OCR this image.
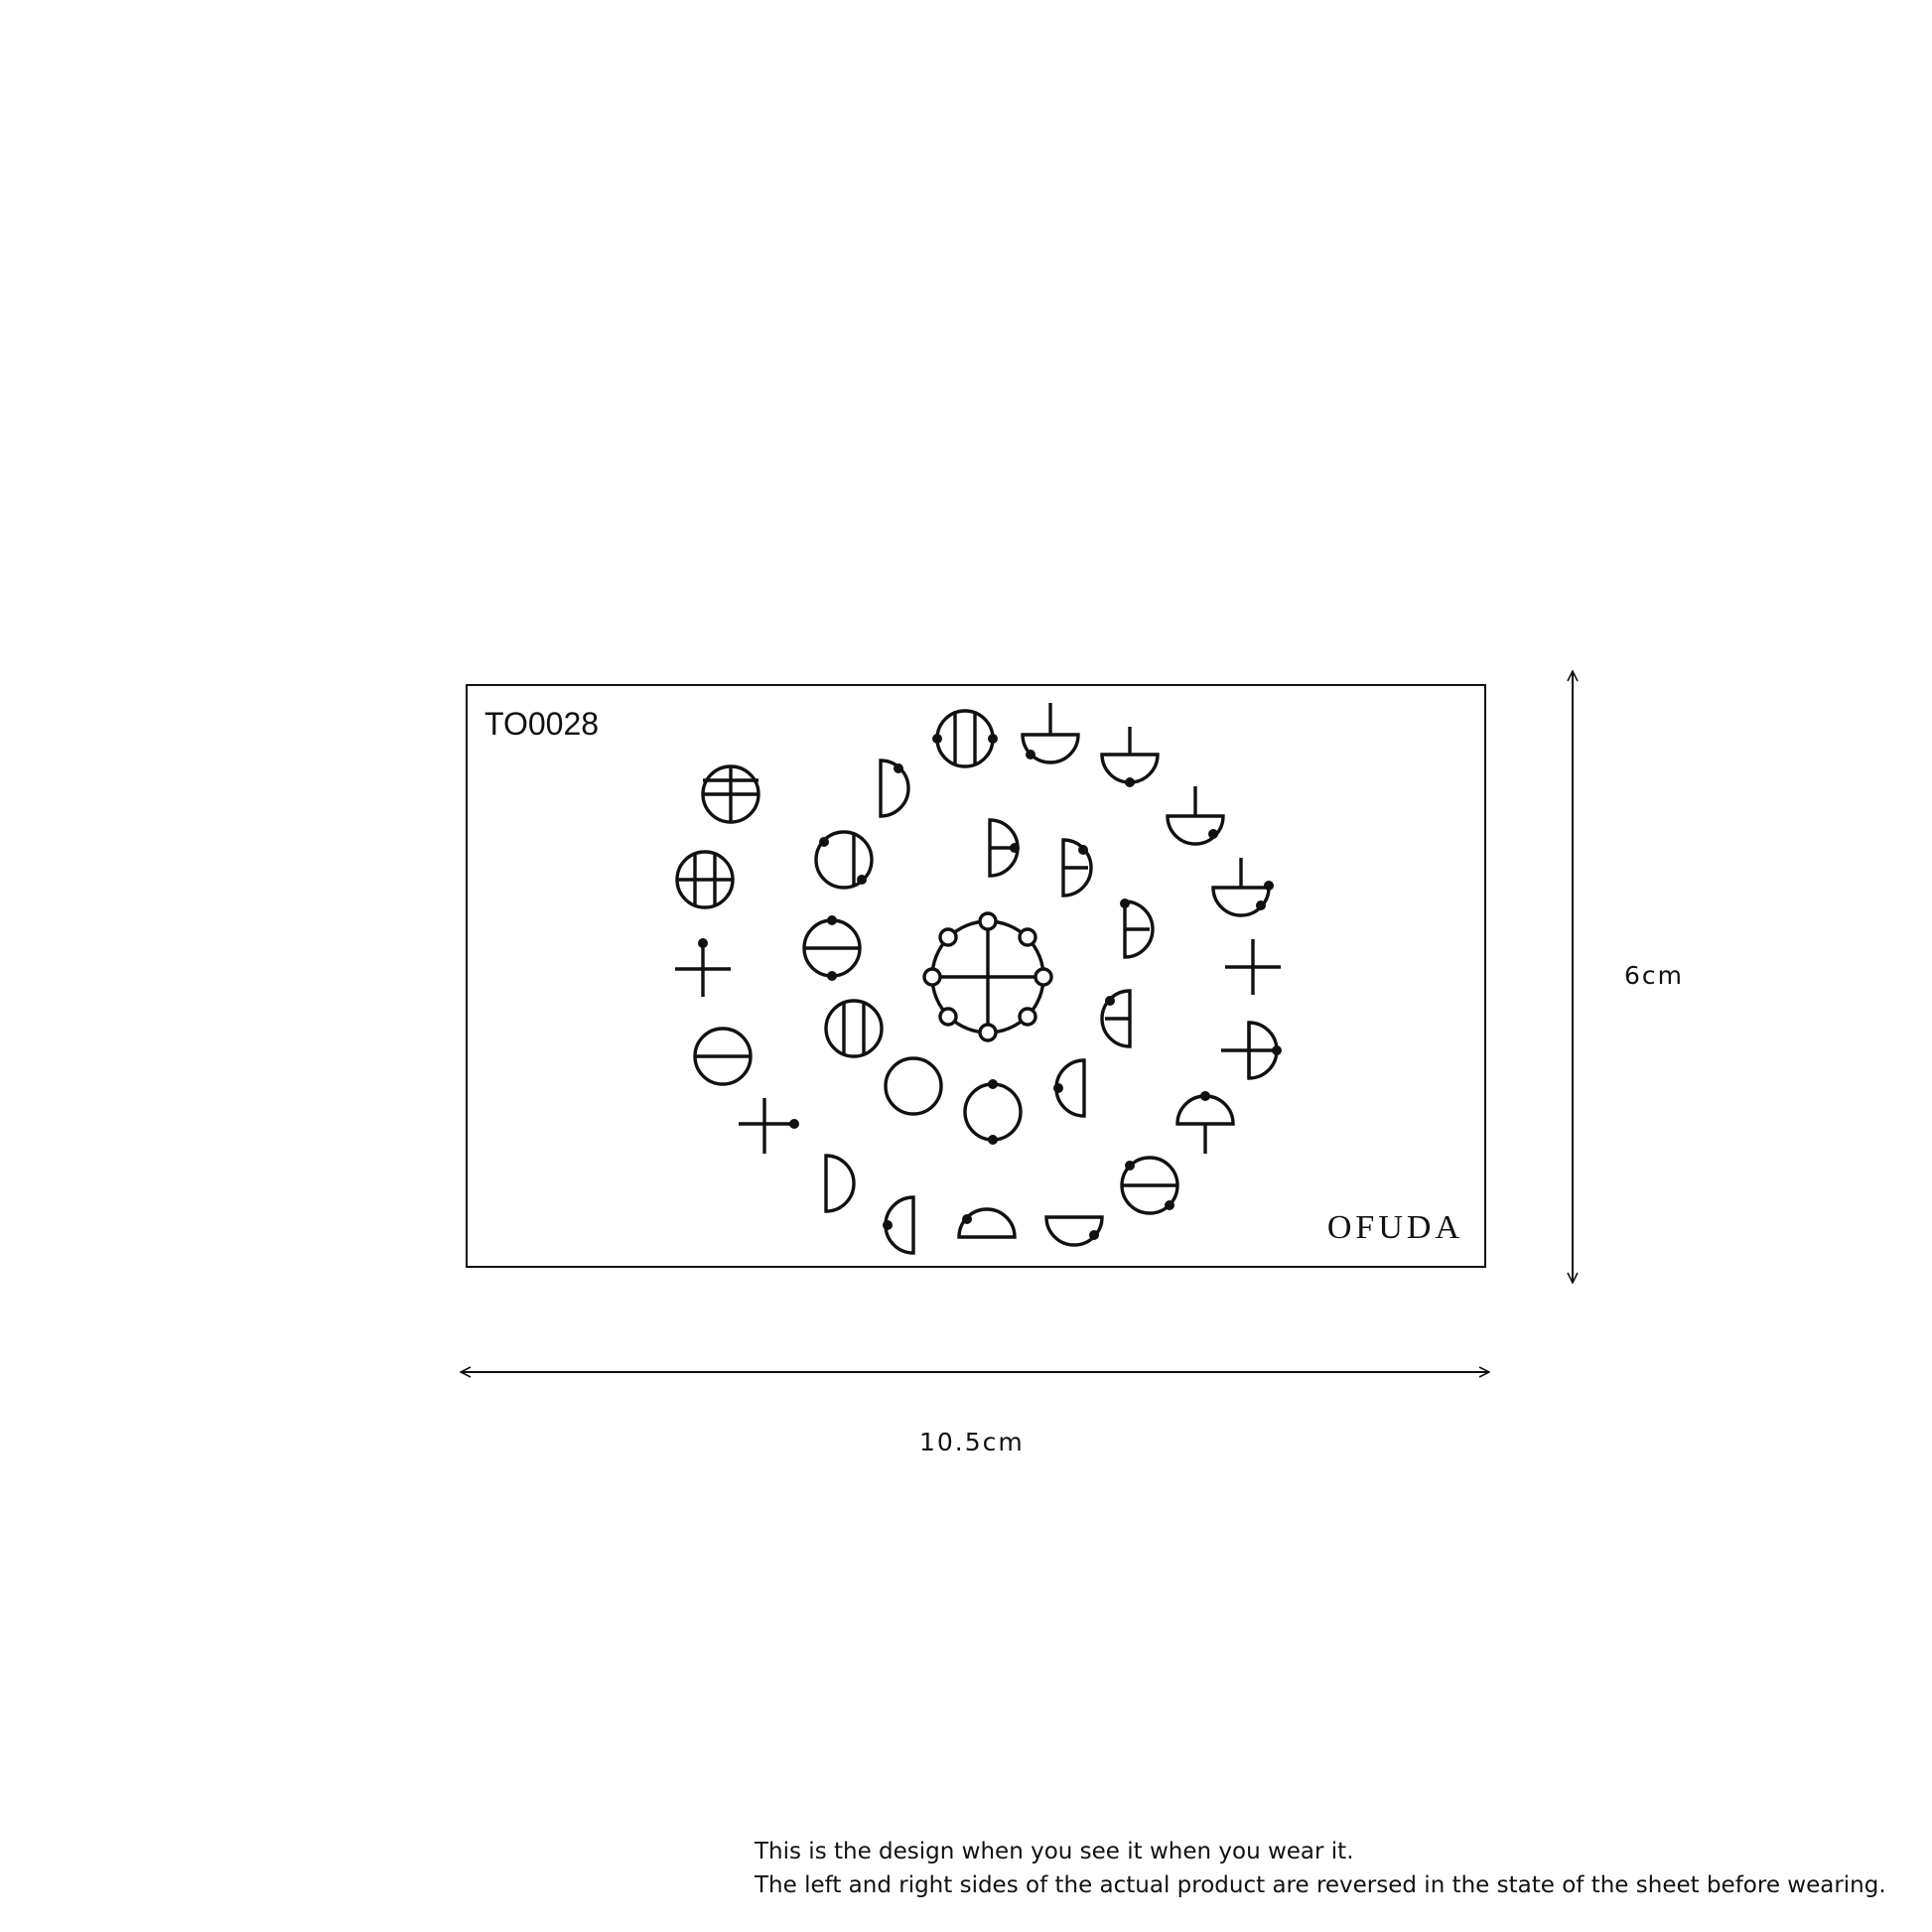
TO0028
OFUDA
6cm
10.5cm
This is the design when you see it when you wear it.
The left and right sides of the actual product are reversed in the state of the sheet before wearing.
